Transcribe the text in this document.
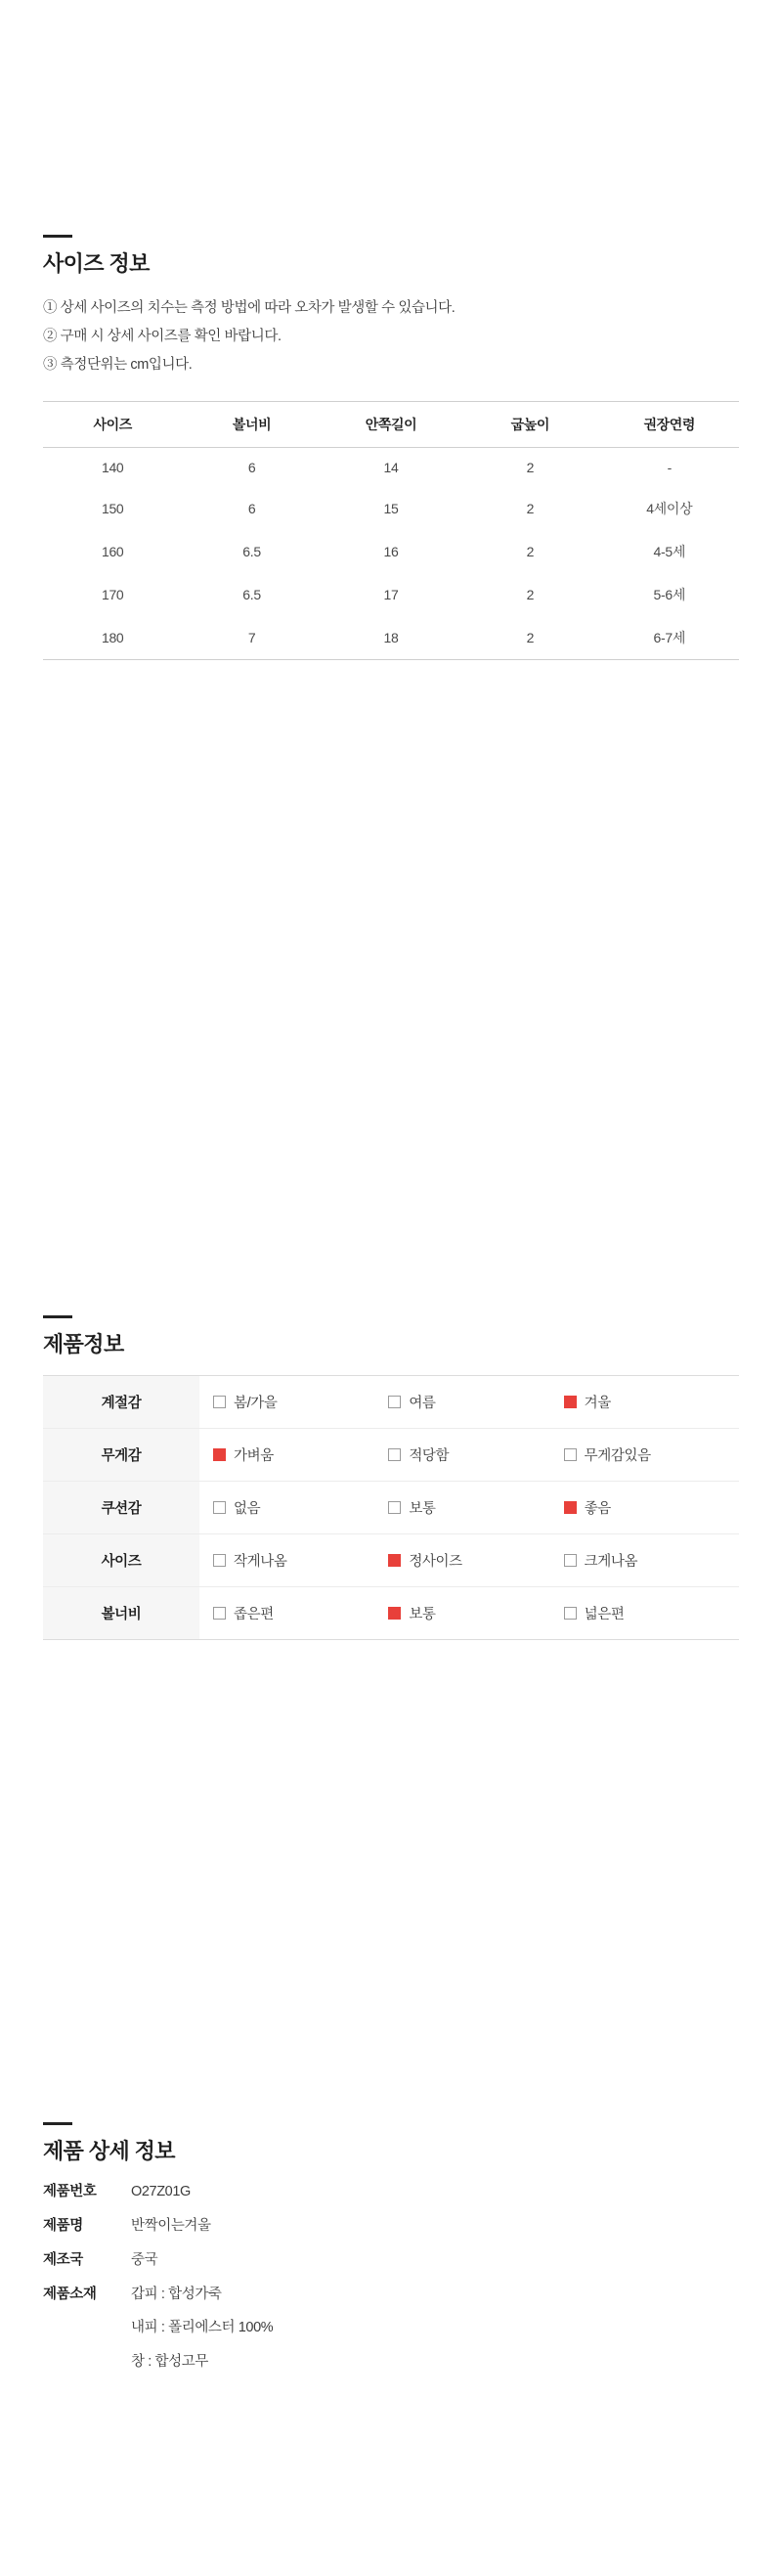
사이즈 정보
① 상세 사이즈의 치수는 측정 방법에 따라 오차가 발생할 수 있습니다.
② 구매 시 상세 사이즈를 확인 바랍니다.
③ 측정단위는 cm입니다.
사이즈	볼너비	안쪽길이	굽높이	권장연령
140	6	14	2	-
150	6	15	2	4세이상
160	6.5	16	2	4-5세
170	6.5	17	2	5-6세
180	7	18	2	6-7세
제품정보
계절감	봄/가을 여름 겨울

무게감	가벼움 적당함 무게감있음

쿠션감	없음 보통 좋음

사이즈	작게나옴 정사이즈 크게나옴

볼너비	좁은편 보통 넓은편
제품 상세 정보
제품번호	O27Z01G
제품명	반짝이는겨울
제조국	중국
제품소재	갑피 : 합성가죽
내피 : 폴리에스터 100%
창 : 합성고무
